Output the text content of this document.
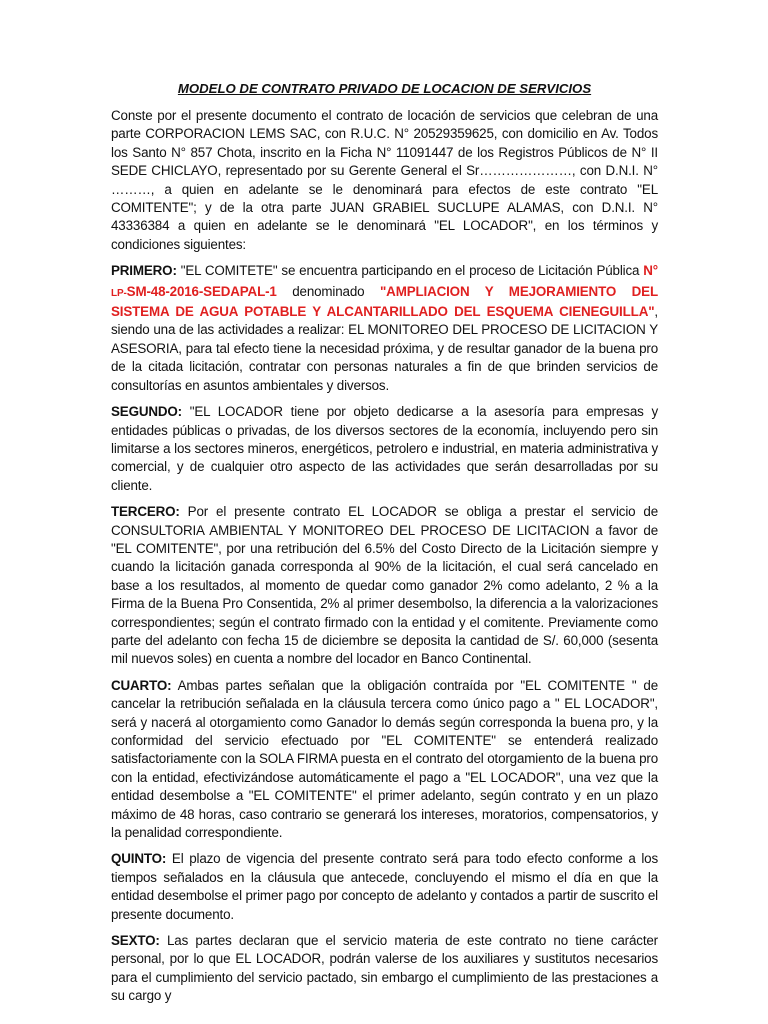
MODELO DE CONTRATO PRIVADO DE LOCACION DE SERVICIOS

Conste por el presente documento el contrato de locación de servicios que celebran de una parte CORPORACION LEMS SAC, con R.U.C. N° 20529359625, con domicilio en Av. Todos los Santo N° 857 Chota, inscrito en la Ficha N° 11091447 de los Registros Públicos de N° II SEDE CHICLAYO, representado por su Gerente General el Sr…………………, con D.N.I. N° ………, a quien en adelante se le denominará para efectos de este contrato "EL COMITENTE"; y de la otra parte JUAN GRABIEL SUCLUPE ALAMAS, con D.N.I. N° 43336384 a quien en adelante se le denominará "EL LOCADOR", en los términos y condiciones siguientes:

PRIMERO: "EL COMITETE" se encuentra participando en el proceso de Licitación Pública N° LP-SM-48-2016-SEDAPAL-1 denominado "AMPLIACION Y MEJORAMIENTO DEL SISTEMA DE AGUA POTABLE Y ALCANTARILLADO DEL ESQUEMA CIENEGUILLA", siendo una de las actividades a realizar: EL MONITOREO DEL PROCESO DE LICITACION Y ASESORIA, para tal efecto tiene la necesidad próxima, y de resultar ganador de la buena pro de la citada licitación, contratar con personas naturales a fin de que brinden servicios de consultorías en asuntos ambientales y diversos.

SEGUNDO: "EL LOCADOR tiene por objeto dedicarse a la asesoría para empresas y entidades públicas o privadas, de los diversos sectores de la economía, incluyendo pero sin limitarse a los sectores mineros, energéticos, petrolero e industrial, en materia administrativa y comercial, y de cualquier otro aspecto de las actividades que serán desarrolladas por su cliente.

TERCERO: Por el presente contrato EL LOCADOR se obliga a prestar el servicio de CONSULTORIA AMBIENTAL Y MONITOREO DEL PROCESO DE LICITACION a favor de "EL COMITENTE", por una retribución del 6.5% del Costo Directo de la Licitación siempre y cuando la licitación ganada corresponda al 90% de la licitación, el cual será cancelado en base a los resultados, al momento de quedar como ganador 2% como adelanto, 2 % a la Firma de la Buena Pro Consentida, 2% al primer desembolso, la diferencia a la valorizaciones correspondientes; según el contrato firmado con la entidad y el comitente. Previamente como parte del adelanto con fecha 15 de diciembre se deposita la cantidad de S/. 60,000 (sesenta mil nuevos soles) en cuenta a nombre del locador en Banco Continental.

CUARTO: Ambas partes señalan que la obligación contraída por "EL COMITENTE " de cancelar la retribución señalada en la cláusula tercera como único pago a " EL LOCADOR", será y nacerá al otorgamiento como Ganador lo demás según corresponda la buena pro, y la conformidad del servicio efectuado por "EL COMITENTE" se entenderá realizado satisfactoriamente con la SOLA FIRMA puesta en el contrato del otorgamiento de la buena pro con la entidad, efectivizándose automáticamente el pago a "EL LOCADOR", una vez que la entidad desembolse a "EL COMITENTE" el primer adelanto, según contrato y en un plazo máximo de 48 horas, caso contrario se generará los intereses, moratorios, compensatorios, y la penalidad correspondiente.

QUINTO: El plazo de vigencia del presente contrato será para todo efecto conforme a los tiempos señalados en la cláusula que antecede, concluyendo el mismo el día en que la entidad desembolse el primer pago por concepto de adelanto y contados a partir de suscrito el presente documento.

SEXTO: Las partes declaran que el servicio materia de este contrato no tiene carácter personal, por lo que EL LOCADOR, podrán valerse de los auxiliares y sustitutos necesarios para el cumplimiento del servicio pactado, sin embargo el cumplimiento de las prestaciones a su cargo y
